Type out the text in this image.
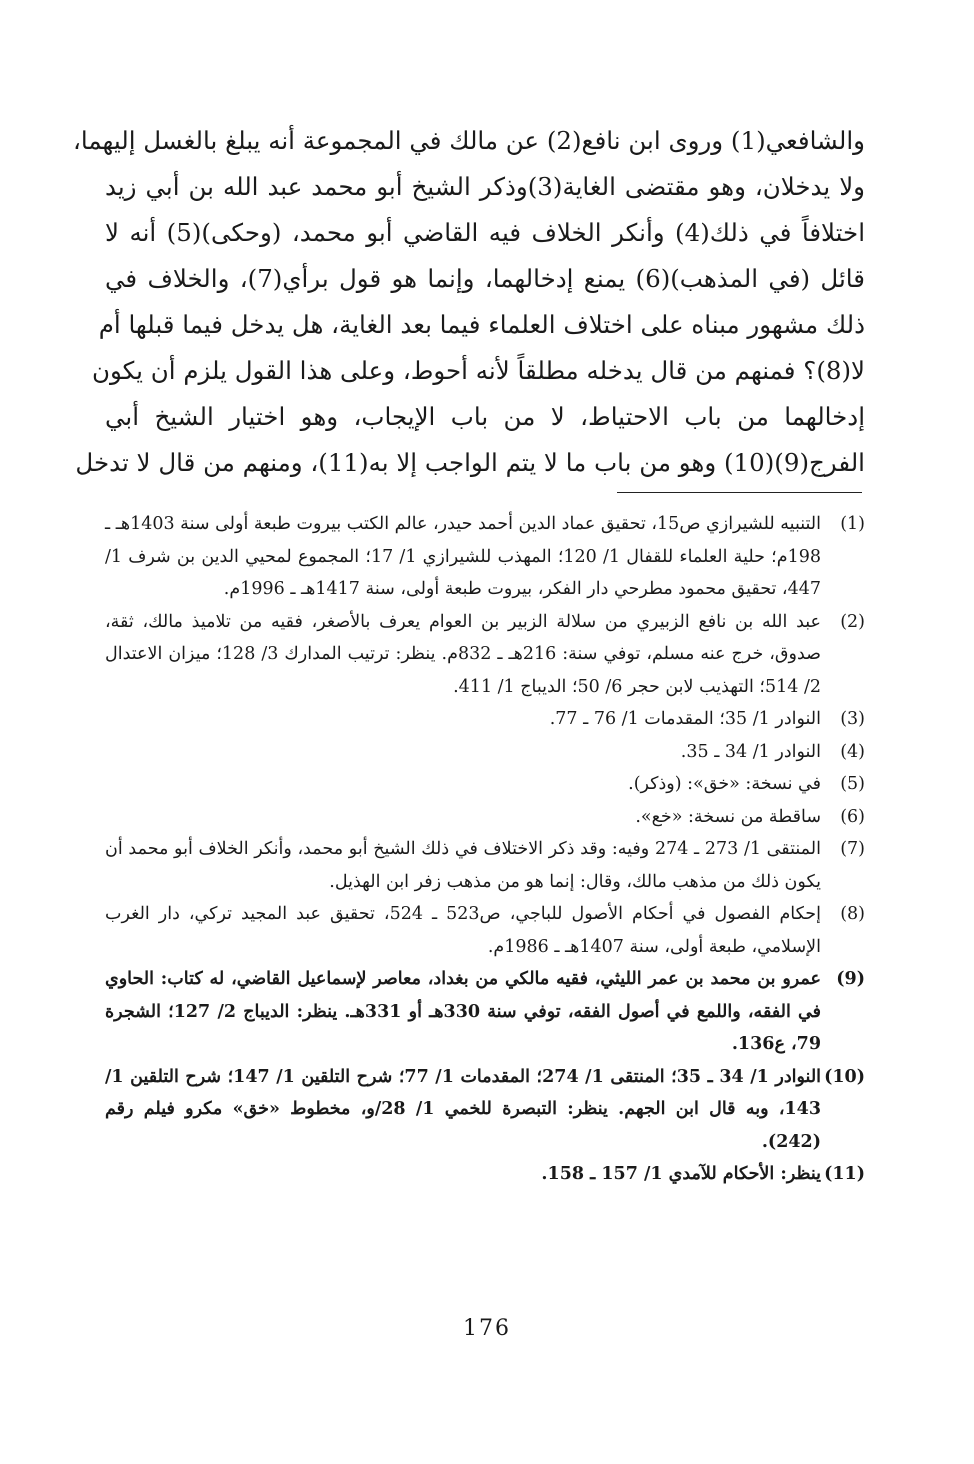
والشافعي(1) وروى ابن نافع(2) عن مالك في المجموعة أنه يبلغ بالغسل إليهما،
ولا يدخلان، وهو مقتضى الغاية(3)وذكر الشيخ أبو محمد عبد الله بن أبي زيد
اختلافاً في ذلك(4) وأنكر الخلاف فيه القاضي أبو محمد، (وحكى)(5) أنه لا
قائل (في المذهب)(6) يمنع إدخالهما، وإنما هو قول برأي(7)، والخلاف في
ذلك مشهور مبناه على اختلاف العلماء فيما بعد الغاية، هل يدخل فيما قبلها أم
لا(8)؟ فمنهم من قال يدخله مطلقاً لأنه أحوط، وعلى هذا القول يلزم أن يكون
إدخالهما من باب الاحتياط، لا من باب الإيجاب، وهو اختيار الشيخ أبي
الفرج(9)(10) وهو من باب ما لا يتم الواجب إلا به(11)، ومنهم من قال لا تدخل
(1)
التنبيه للشيرازي ص15، تحقيق عماد الدين أحمد حيدر، عالم الكتب بيروت طبعة أولى سنة 1403هـ ـ 198م؛ حلية العلماء للقفال 1/ 120؛ المهذب للشيرازي 1/ 17؛ المجموع لمحيي الدين بن شرف 1/ 447، تحقيق محمود مطرحي دار الفكر، بيروت طبعة أولى، سنة 1417هـ ـ 1996م.
(2)
عبد الله بن نافع الزبيري من سلالة الزبير بن العوام يعرف بالأصغر، فقيه من تلاميذ مالك، ثقة، صدوق، خرج عنه مسلم، توفي سنة: 216هـ ـ 832م. ينظر: ترتيب المدارك 3/ 128؛ ميزان الاعتدال 2/ 514؛ التهذيب لابن حجر 6/ 50؛ الديباج 1/ 411.
(3)
النوادر 1/ 35؛ المقدمات 1/ 76 ـ 77.
(4)
النوادر 1/ 34 ـ 35.
(5)
في نسخة: «خق»: (وذكر).
(6)
ساقطة من نسخة: «خع».
(7)
المنتقى 1/ 273 ـ 274 وفيه: وقد ذكر الاختلاف في ذلك الشيخ أبو محمد، وأنكر الخلاف أبو محمد أن يكون ذلك من مذهب مالك، وقال: إنما هو من مذهب زفر ابن الهذيل.
(8)
إحكام الفصول في أحكام الأصول للباجي، ص523 ـ 524، تحقيق عبد المجيد تركي، دار الغرب الإسلامي، طبعة أولى، سنة 1407هـ ـ 1986م.
(9)
عمرو بن محمد بن عمر الليثي، فقيه مالكي من بغداد، معاصر لإسماعيل القاضي، له كتاب: الحاوي في الفقه، واللمع في أصول الفقه، توفي سنة 330هـ أو 331هـ. ينظر: الديباج 2/ 127؛ الشجرة 79، ع136.
(10)
النوادر 1/ 34 ـ 35؛ المنتقى 1/ 274؛ المقدمات 1/ 77؛ شرح التلقين 1/ 147؛ شرح التلقين 1/ 143، وبه قال ابن الجهم. ينظر: التبصرة للخمي 1/ 28/و، مخطوط «خق» مكرو فيلم رقم (242).
(11)
ينظر: الأحكام للآمدي 1/ 157 ـ 158.
176
